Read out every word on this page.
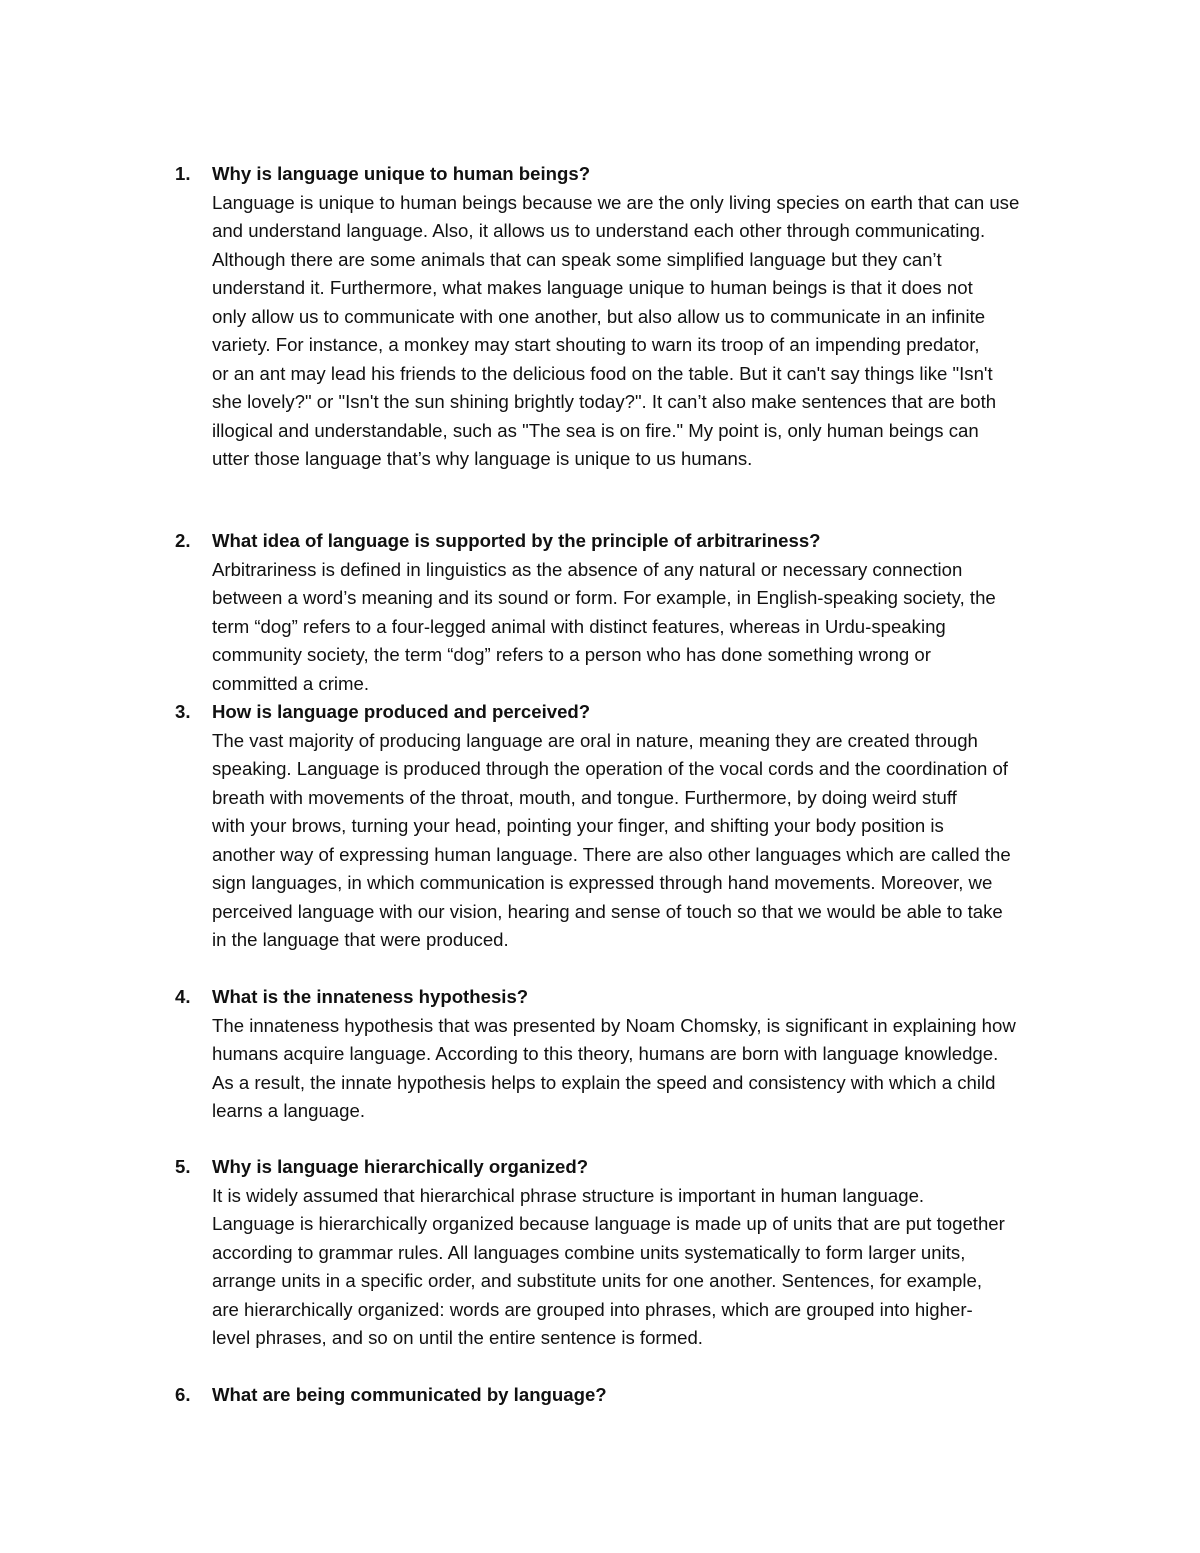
1.	Why is language unique to human beings?
Language is unique to human beings because we are the only living species on earth that can use
and understand language. Also, it allows us to understand each other through communicating.
Although there are some animals that can speak some simplified language but they can’t
understand it. Furthermore, what makes language unique to human beings is that it does not
only allow us to communicate with one another, but also allow us to communicate in an infinite
variety. For instance, a monkey may start shouting to warn its troop of an impending predator,
or an ant may lead his friends to the delicious food on the table. But it can't say things like "Isn't
she lovely?" or "Isn't the sun shining brightly today?". It can’t also make sentences that are both
illogical and understandable, such as "The sea is on fire." My point is, only human beings can
utter those language that’s why language is unique to us humans.
2.	What idea of language is supported by the principle of arbitrariness?
Arbitrariness is defined in linguistics as the absence of any natural or necessary connection
between a word’s meaning and its sound or form. For example, in English-speaking society, the
term “dog” refers to a four-legged animal with distinct features, whereas in Urdu-speaking
community society, the term “dog” refers to a person who has done something wrong or
committed a crime.
3.	How is language produced and perceived?
The vast majority of producing language are oral in nature, meaning they are created through
speaking. Language is produced through the operation of the vocal cords and the coordination of
breath with movements of the throat, mouth, and tongue. Furthermore, by doing weird stuff
with your brows, turning your head, pointing your finger, and shifting your body position is
another way of expressing human language. There are also other languages which are called the
sign languages, in which communication is expressed through hand movements. Moreover, we
perceived language with our vision, hearing and sense of touch so that we would be able to take
in the language that were produced.
4.	What is the innateness hypothesis?
The innateness hypothesis that was presented by Noam Chomsky, is significant in explaining how
humans acquire language. According to this theory, humans are born with language knowledge.
As a result, the innate hypothesis helps to explain the speed and consistency with which a child
learns a language.
5.	Why is language hierarchically organized?
It is widely assumed that hierarchical phrase structure is important in human language.
Language is hierarchically organized because language is made up of units that are put together
according to grammar rules. All languages combine units systematically to form larger units,
arrange units in a specific order, and substitute units for one another. Sentences, for example,
are hierarchically organized: words are grouped into phrases, which are grouped into higher-
level phrases, and so on until the entire sentence is formed.
6.	What are being communicated by language?
